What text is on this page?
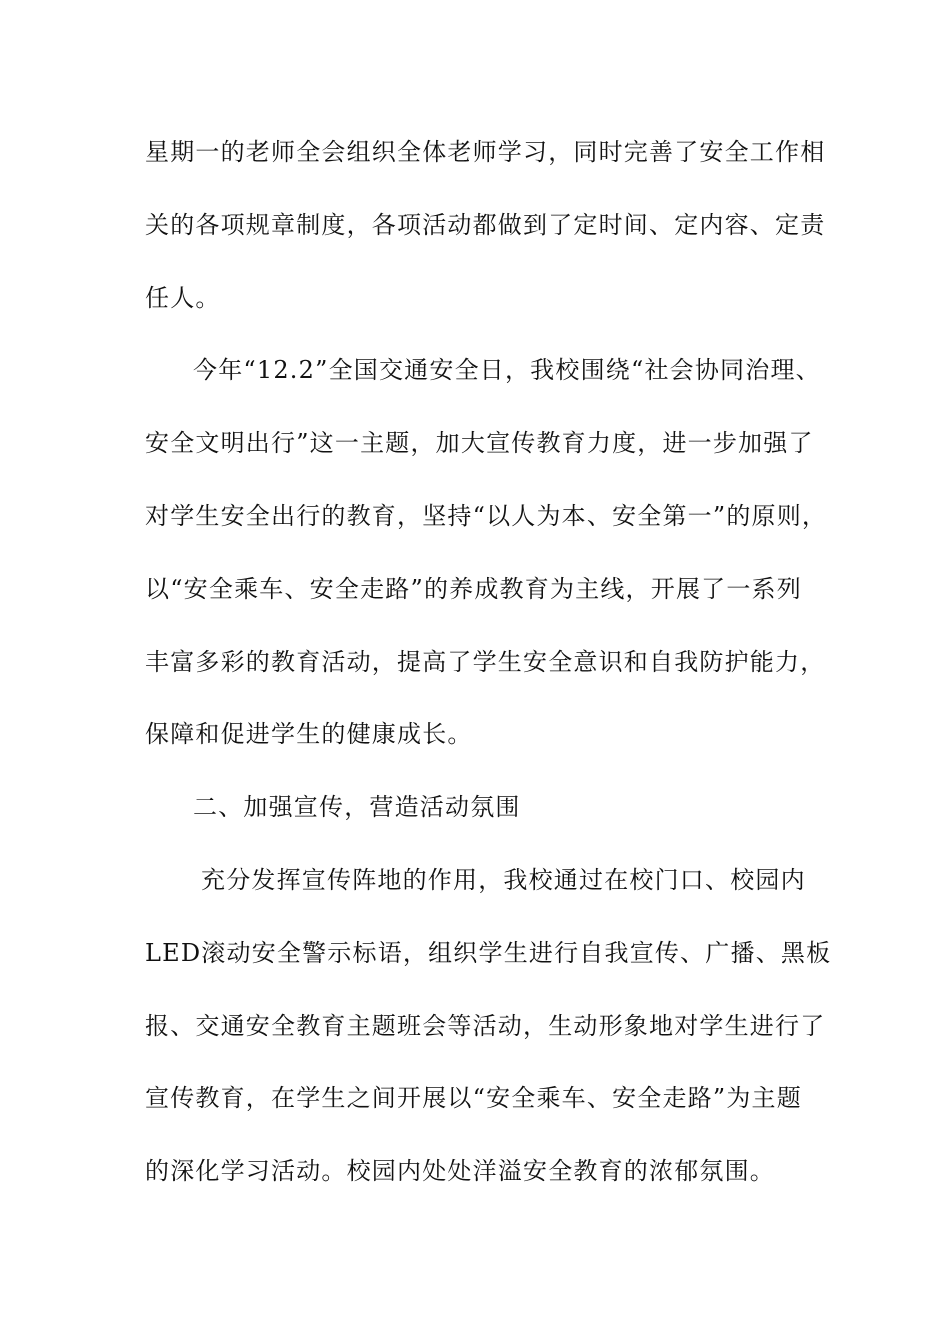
星期一的老师全会组织全体老师学习，同时完善了安全工作相
关的各项规章制度，各项活动都做到了定时间、定内容、定责
任人。
今年“12.2”全国交通安全日，我校围绕“社会协同治理、
安全文明出行”这一主题，加大宣传教育力度，进一步加强了
对学生安全出行的教育，坚持“以人为本、安全第一”的原则，
以“安全乘车、安全走路”的养成教育为主线，开展了一系列
丰富多彩的教育活动，提高了学生安全意识和自我防护能力，
保障和促进学生的健康成长。
二、加强宣传，营造活动氛围
充分发挥宣传阵地的作用，我校通过在校门口、校园内
LED滚动安全警示标语，组织学生进行自我宣传、广播、黑板
报、交通安全教育主题班会等活动，生动形象地对学生进行了
宣传教育，在学生之间开展以“安全乘车、安全走路”为主题
的深化学习活动。校园内处处洋溢安全教育的浓郁氛围。
